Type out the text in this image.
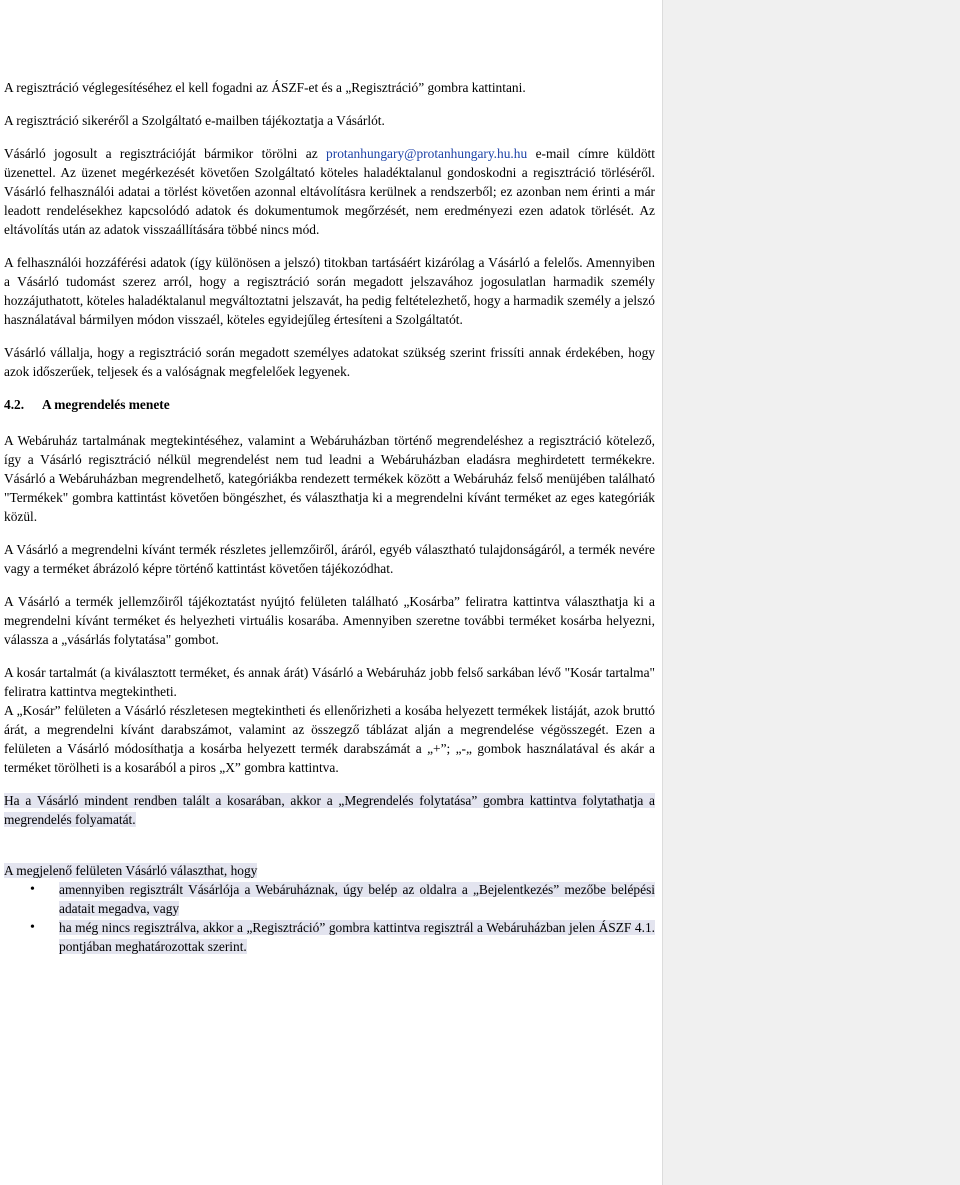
A regisztráció véglegesítéséhez el kell fogadni az ÁSZF-et és a „Regisztráció” gombra kattintani.

A regisztráció sikeréről a Szolgáltató e-mailben tájékoztatja a Vásárlót.

Vásárló jogosult a regisztrációját bármikor törölni az protanhungary@protanhungary.hu.hu e-mail címre küldött üzenettel. Az üzenet megérkezését követően Szolgáltató köteles haladéktalanul gondoskodni a regisztráció törléséről. Vásárló felhasználói adatai a törlést követően azonnal eltávolításra kerülnek a rendszerből; ez azonban nem érinti a már leadott rendelésekhez kapcsolódó adatok és dokumentumok megőrzését, nem eredményezi ezen adatok törlését. Az eltávolítás után az adatok visszaállítására többé nincs mód.

A felhasználói hozzáférési adatok (így különösen a jelszó) titokban tartásáért kizárólag a Vásárló a felelős. Amennyiben a Vásárló tudomást szerez arról, hogy a regisztráció során megadott jelszavához jogosulatlan harmadik személy hozzájuthatott, köteles haladéktalanul megváltoztatni jelszavát, ha pedig feltételezhető, hogy a harmadik személy a jelszó használatával bármilyen módon visszaél, köteles egyidejűleg értesíteni a Szolgáltatót.

Vásárló vállalja, hogy a regisztráció során megadott személyes adatokat szükség szerint frissíti annak érdekében, hogy azok időszerűek, teljesek és a valóságnak megfelelőek legyenek.

4.2. A megrendelés menete

A Webáruház tartalmának megtekintéséhez, valamint a Webáruházban történő megrendeléshez a regisztráció kötelező, így a Vásárló regisztráció nélkül megrendelést nem tud leadni a Webáruházban eladásra meghirdetett termékekre. Vásárló a Webáruházban megrendelhető, kategóriákba rendezett termékek között a Webáruház felső menüjében található "Termékek" gombra kattintást követően böngészhet, és választhatja ki a megrendelni kívánt terméket az eges kategóriák közül.

A Vásárló a megrendelni kívánt termék részletes jellemzőiről, áráról, egyéb választható tulajdonságáról, a termék nevére vagy a terméket ábrázoló képre történő kattintást követően tájékozódhat.

A Vásárló a termék jellemzőiről tájékoztatást nyújtó felületen található „Kosárba” feliratra kattintva választhatja ki a megrendelni kívánt terméket és helyezheti virtuális kosarába. Amennyiben szeretne további terméket kosárba helyezni, válassza a „vásárlás folytatása" gombot.

A kosár tartalmát (a kiválasztott terméket, és annak árát) Vásárló a Webáruház jobb felső sarkában lévő "Kosár tartalma" feliratra kattintva megtekintheti.

A „Kosár” felületen a Vásárló részletesen megtekintheti és ellenőrizheti a kosába helyezett termékek listáját, azok bruttó árát, a megrendelni kívánt darabszámot, valamint az összegző táblázat alján a megrendelése végösszegét. Ezen a felületen a Vásárló módosíthatja a kosárba helyezett termék darabszámát a „+”; „-„ gombok használatával és akár a terméket törölheti is a kosarából a piros „X” gombra kattintva.

Ha a Vásárló mindent rendben talált a kosarában, akkor a „Megrendelés folytatása” gombra kattintva folytathatja a megrendelés folyamatát.

A megjelenő felületen Vásárló választhat, hogy

• amennyiben regisztrált Vásárlója a Webáruháznak, úgy belép az oldalra a „Bejelentkezés” mezőbe belépési adatait megadva, vagy
• ha még nincs regisztrálva, akkor a „Regisztráció” gombra kattintva regisztrál a Webáruházban jelen ÁSZF 4.1. pontjában meghatározottak szerint.
